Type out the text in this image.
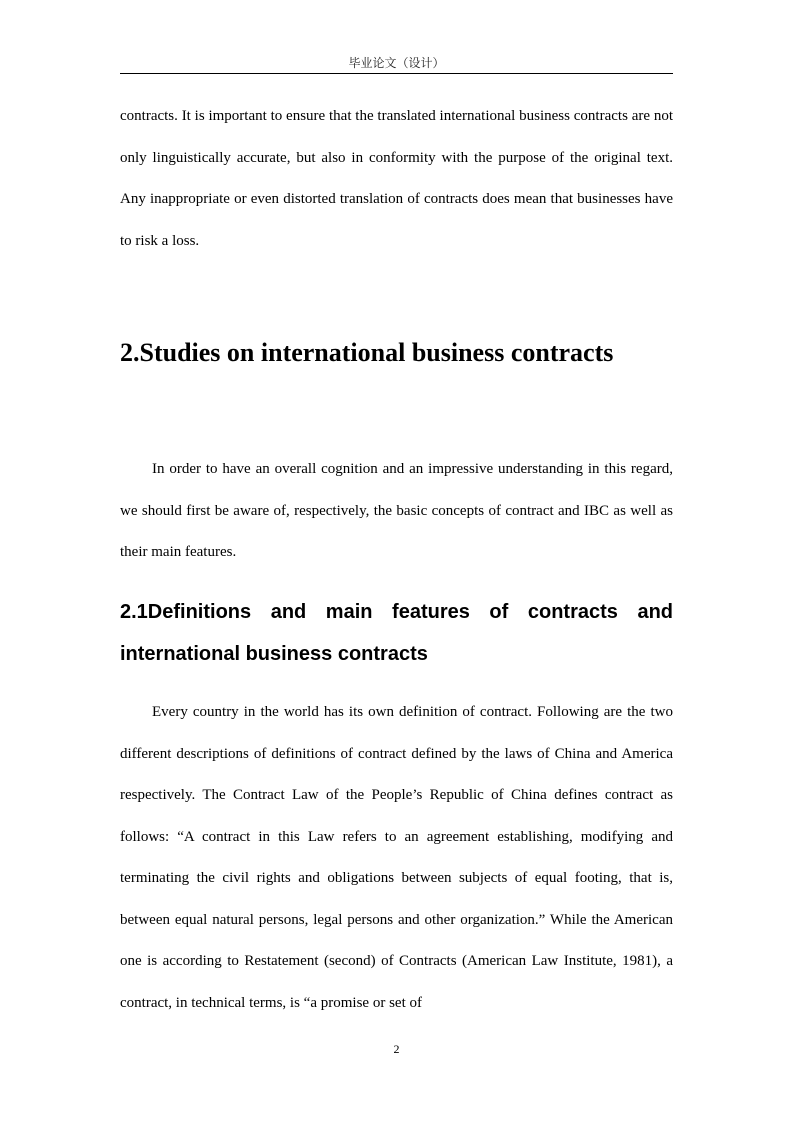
毕业论文（设计）

contracts. It is important to ensure that the translated international business contracts are not only linguistically accurate, but also in conformity with the purpose of the original text. Any inappropriate or even distorted translation of contracts does mean that businesses have to risk a loss.

2.Studies on international business contracts

In order to have an overall cognition and an impressive understanding in this regard, we should first be aware of, respectively, the basic concepts of contract and IBC as well as their main features.

2.1Definitions and main features of contracts and international business contracts

Every country in the world has its own definition of contract. Following are the two different descriptions of definitions of contract defined by the laws of China and America respectively. The Contract Law of the People’s Republic of China defines contract as follows: “A contract in this Law refers to an agreement establishing, modifying and terminating the civil rights and obligations between subjects of equal footing, that is, between equal natural persons, legal persons and other organization.” While the American one is according to Restatement (second) of Contracts (American Law Institute, 1981), a contract, in technical terms, is “a promise or set of

2
